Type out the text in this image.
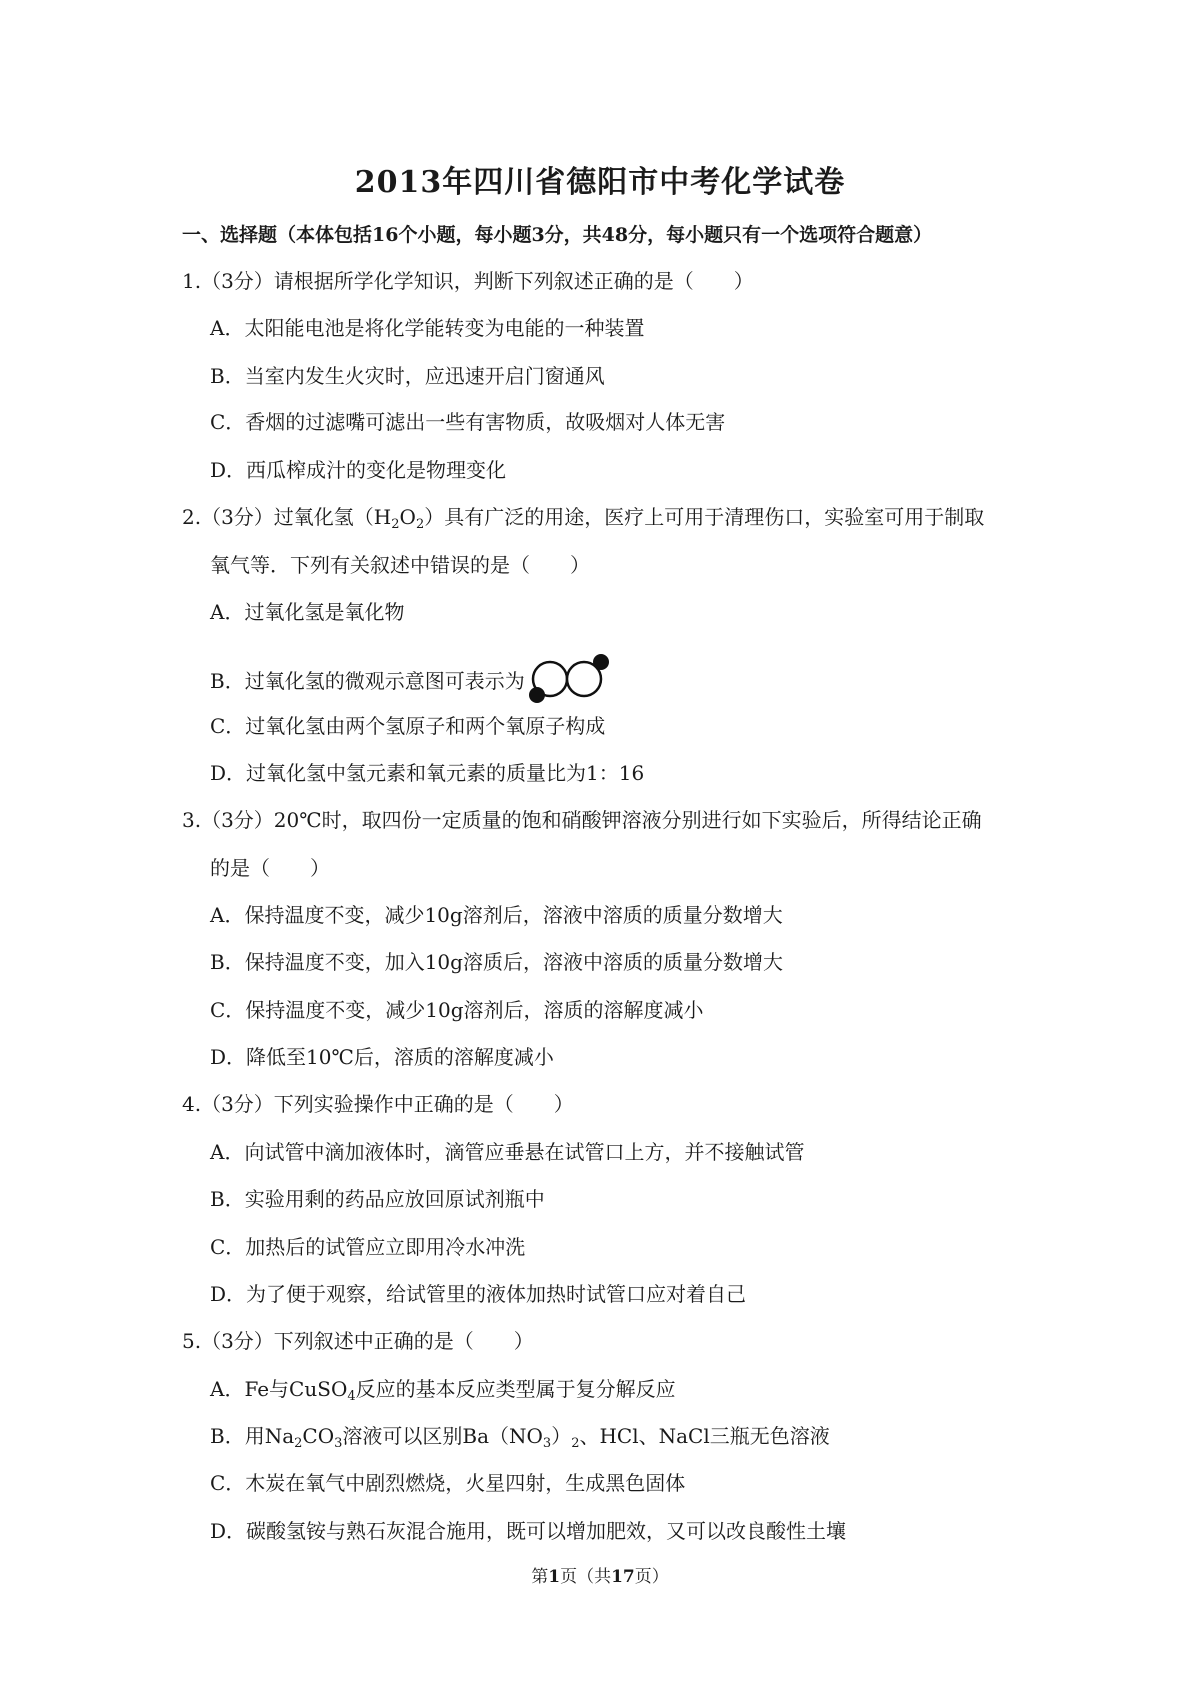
2013年四川省德阳市中考化学试卷
一、选择题（本体包括16个小题，每小题3分，共48分，每小题只有一个选项符合题意）
1.（3分）请根据所学化学知识，判断下列叙述正确的是（　　）
A．太阳能电池是将化学能转变为电能的一种装置
B．当室内发生火灾时，应迅速开启门窗通风
C．香烟的过滤嘴可滤出一些有害物质，故吸烟对人体无害
D．西瓜榨成汁的变化是物理变化
2.（3分）过氧化氢$(H_2O_2)$具有广泛的用途，医疗上可用于清理伤口，实验室可用于制取
氧气等．下列有关叙述中错误的是（　　）
A．过氧化氢是氧化物
B．过氧化氢的微观示意图可表示为
C．过氧化氢由两个氢原子和两个氧原子构成
D．过氧化氢中氢元素和氧元素的质量比为1：16
3.（3分）20℃时，取四份一定质量的饱和硝酸钾溶液分别进行如下实验后，所得结论正确
的是（　　）
A．保持温度不变，减少10g溶剂后，溶液中溶质的质量分数增大
B．保持温度不变，加入10g溶质后，溶液中溶质的质量分数增大
C．保持温度不变，减少10g溶剂后，溶质的溶解度减小
D．降低至10℃后，溶质的溶解度减小
4.（3分）下列实验操作中正确的是（　　）
A．向试管中滴加液体时，滴管应垂悬在试管口上方，并不接触试管
B．实验用剩的药品应放回原试剂瓶中
C．加热后的试管应立即用冷水冲洗
D．为了便于观察，给试管里的液体加热时试管口应对着自己
5.（3分）下列叙述中正确的是（　　）
A．Fe与CuSO$_4$反应的基本反应类型属于复分解反应
B．用$Na_2CO_3$溶液可以区别$Ba(NO_3)_2$、HCl、NaCl三瓶无色溶液
C．木炭在氧气中剧烈燃烧，火星四射，生成黑色固体
D．碳酸氢铵与熟石灰混合施用，既可以增加肥效，又可以改良酸性土壤
第1页（共17页）
